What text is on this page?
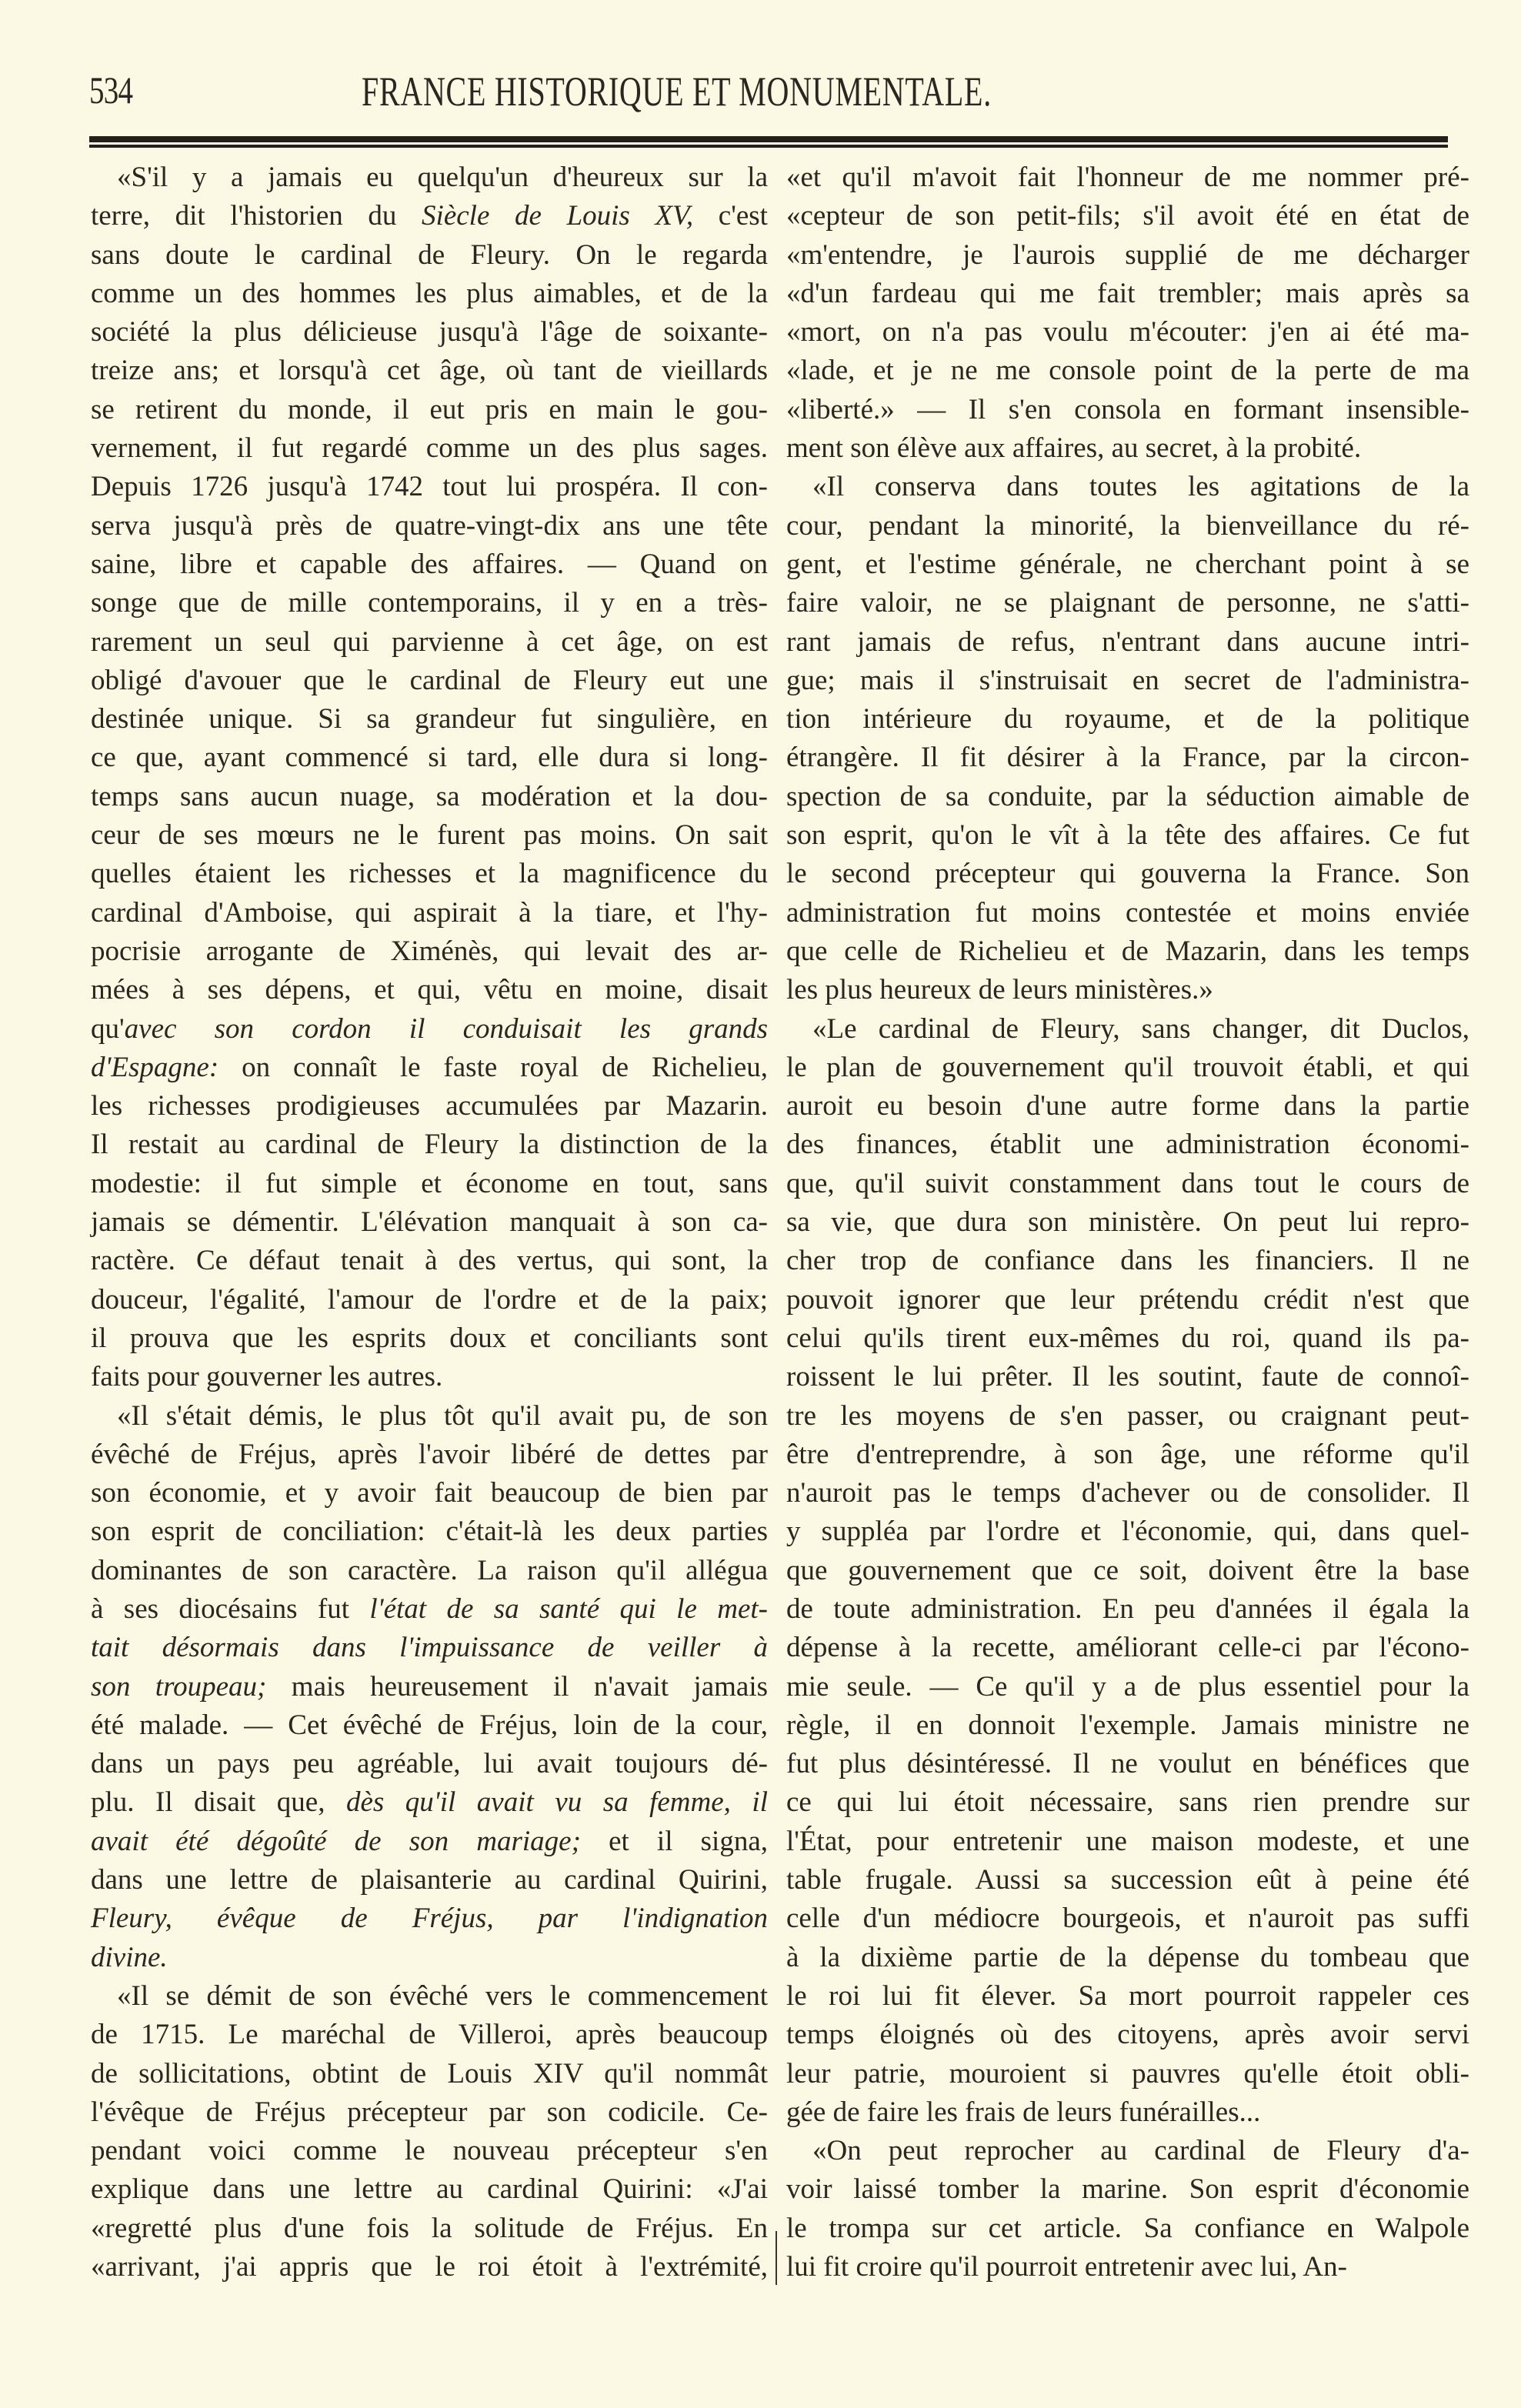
534	FRANCE HISTORIQUE ET MONUMENTALE.
«S'il y a jamais eu quelqu'un d'heureux sur la
terre, dit l'historien du Siècle de Louis XV, c'est
sans doute le cardinal de Fleury. On le regarda
comme un des hommes les plus aimables, et de la
société la plus délicieuse jusqu'à l'âge de soixante-
treize ans; et lorsqu'à cet âge, où tant de vieillards
se retirent du monde, il eut pris en main le gou-
vernement, il fut regardé comme un des plus sages.
Depuis 1726 jusqu'à 1742 tout lui prospéra. Il con-
serva jusqu'à près de quatre-vingt-dix ans une tête
saine, libre et capable des affaires. — Quand on
songe que de mille contemporains, il y en a très-
rarement un seul qui parvienne à cet âge, on est
obligé d'avouer que le cardinal de Fleury eut une
destinée unique. Si sa grandeur fut singulière, en
ce que, ayant commencé si tard, elle dura si long-
temps sans aucun nuage, sa modération et la dou-
ceur de ses mœurs ne le furent pas moins. On sait
quelles étaient les richesses et la magnificence du
cardinal d'Amboise, qui aspirait à la tiare, et l'hy-
pocrisie arrogante de Ximénès, qui levait des ar-
mées à ses dépens, et qui, vêtu en moine, disait
qu'avec son cordon il conduisait les grands
d'Espagne: on connaît le faste royal de Richelieu,
les richesses prodigieuses accumulées par Mazarin.
Il restait au cardinal de Fleury la distinction de la
modestie: il fut simple et économe en tout, sans
jamais se démentir. L'élévation manquait à son ca-
ractère. Ce défaut tenait à des vertus, qui sont, la
douceur, l'égalité, l'amour de l'ordre et de la paix;
il prouva que les esprits doux et conciliants sont
faits pour gouverner les autres.
«Il s'était démis, le plus tôt qu'il avait pu, de son
évêché de Fréjus, après l'avoir libéré de dettes par
son économie, et y avoir fait beaucoup de bien par
son esprit de conciliation: c'était-là les deux parties
dominantes de son caractère. La raison qu'il allégua
à ses diocésains fut l'état de sa santé qui le met-
tait désormais dans l'impuissance de veiller à
son troupeau; mais heureusement il n'avait jamais
été malade. — Cet évêché de Fréjus, loin de la cour,
dans un pays peu agréable, lui avait toujours dé-
plu. Il disait que, dès qu'il avait vu sa femme, il
avait été dégoûté de son mariage; et il signa,
dans une lettre de plaisanterie au cardinal Quirini,
Fleury, évêque de Fréjus, par l'indignation
divine.
«Il se démit de son évêché vers le commencement
de 1715. Le maréchal de Villeroi, après beaucoup
de sollicitations, obtint de Louis XIV qu'il nommât
l'évêque de Fréjus précepteur par son codicile. Ce-
pendant voici comme le nouveau précepteur s'en
explique dans une lettre au cardinal Quirini: «J'ai
«regretté plus d'une fois la solitude de Fréjus. En
«arrivant, j'ai appris que le roi étoit à l'extrémité,
«et qu'il m'avoit fait l'honneur de me nommer pré-
«cepteur de son petit-fils; s'il avoit été en état de
«m'entendre, je l'aurois supplié de me décharger
«d'un fardeau qui me fait trembler; mais après sa
«mort, on n'a pas voulu m'écouter: j'en ai été ma-
«lade, et je ne me console point de la perte de ma
«liberté.» — Il s'en consola en formant insensible-
ment son élève aux affaires, au secret, à la probité.
«Il conserva dans toutes les agitations de la
cour, pendant la minorité, la bienveillance du ré-
gent, et l'estime générale, ne cherchant point à se
faire valoir, ne se plaignant de personne, ne s'atti-
rant jamais de refus, n'entrant dans aucune intri-
gue; mais il s'instruisait en secret de l'administra-
tion intérieure du royaume, et de la politique
étrangère. Il fit désirer à la France, par la circon-
spection de sa conduite, par la séduction aimable de
son esprit, qu'on le vît à la tête des affaires. Ce fut
le second précepteur qui gouverna la France. Son
administration fut moins contestée et moins enviée
que celle de Richelieu et de Mazarin, dans les temps
les plus heureux de leurs ministères.»
«Le cardinal de Fleury, sans changer, dit Duclos,
le plan de gouvernement qu'il trouvoit établi, et qui
auroit eu besoin d'une autre forme dans la partie
des finances, établit une administration économi-
que, qu'il suivit constamment dans tout le cours de
sa vie, que dura son ministère. On peut lui repro-
cher trop de confiance dans les financiers. Il ne
pouvoit ignorer que leur prétendu crédit n'est que
celui qu'ils tirent eux-mêmes du roi, quand ils pa-
roissent le lui prêter. Il les soutint, faute de connoî-
tre les moyens de s'en passer, ou craignant peut-
être d'entreprendre, à son âge, une réforme qu'il
n'auroit pas le temps d'achever ou de consolider. Il
y suppléa par l'ordre et l'économie, qui, dans quel-
que gouvernement que ce soit, doivent être la base
de toute administration. En peu d'années il égala la
dépense à la recette, améliorant celle-ci par l'écono-
mie seule. — Ce qu'il y a de plus essentiel pour la
règle, il en donnoit l'exemple. Jamais ministre ne
fut plus désintéressé. Il ne voulut en bénéfices que
ce qui lui étoit nécessaire, sans rien prendre sur
l'État, pour entretenir une maison modeste, et une
table frugale. Aussi sa succession eût à peine été
celle d'un médiocre bourgeois, et n'auroit pas suffi
à la dixième partie de la dépense du tombeau que
le roi lui fit élever. Sa mort pourroit rappeler ces
temps éloignés où des citoyens, après avoir servi
leur patrie, mouroient si pauvres qu'elle étoit obli-
gée de faire les frais de leurs funérailles...
«On peut reprocher au cardinal de Fleury d'a-
voir laissé tomber la marine. Son esprit d'économie
le trompa sur cet article. Sa confiance en Walpole
lui fit croire qu'il pourroit entretenir avec lui, An-
